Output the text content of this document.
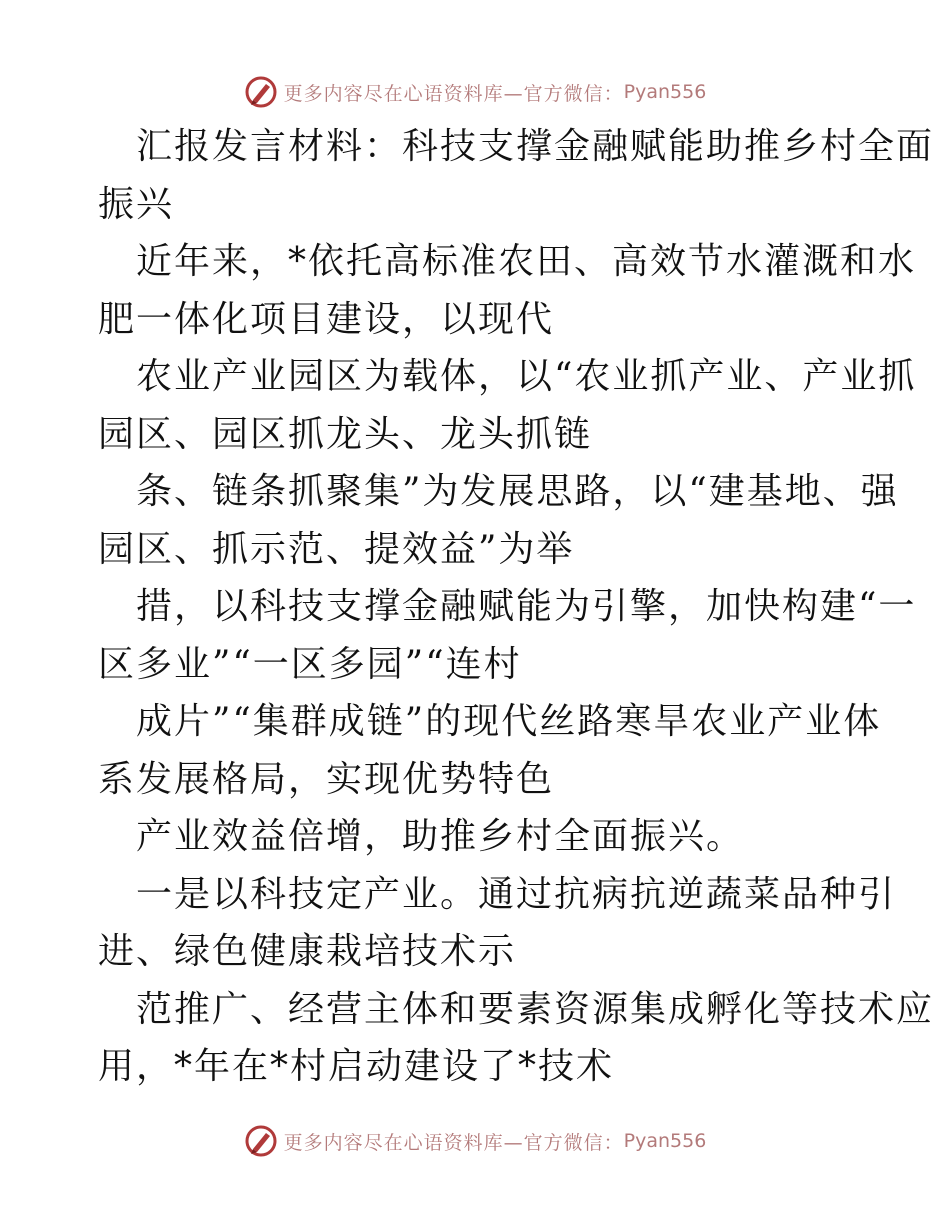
更多内容尽在心语资料库—官方微信： Pyan556

汇报发言材料：科技支撑金融赋能助推乡村全面
振兴

近年来，*依托高标准农田、高效节水灌溉和水
肥一体化项目建设，以现代

农业产业园区为载体，以“农业抓产业、产业抓
园区、园区抓龙头、龙头抓链

条、链条抓聚集”为发展思路，以“建基地、强
园区、抓示范、提效益”为举

措，以科技支撑金融赋能为引擎，加快构建“一
区多业”“一区多园”“连村

成片”“集群成链”的现代丝路寒旱农业产业体
系发展格局，实现优势特色

产业效益倍增，助推乡村全面振兴。

一是以科技定产业。通过抗病抗逆蔬菜品种引
进、绿色健康栽培技术示

范推广、经营主体和要素资源集成孵化等技术应
用，*年在*村启动建设了*技术

更多内容尽在心语资料库—官方微信： Pyan556
